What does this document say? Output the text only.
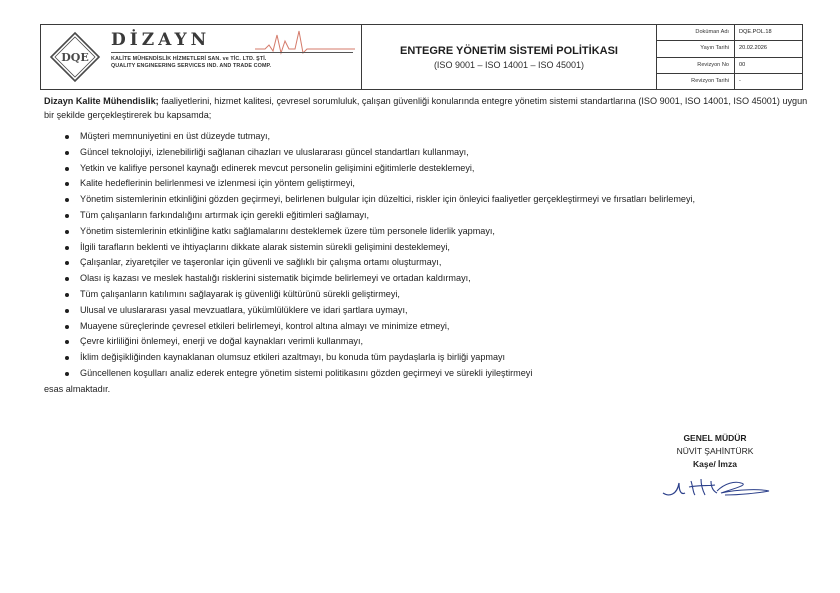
DQE
DİZAYN
KALİTE MÜHENDİSLİK HİZMETLERİ SAN. ve TİC. LTD. ŞTİ.
QUALITY ENGINEERING SERVICES IND. AND TRADE COMP.
ENTEGRE YÖNETİM SİSTEMİ POLİTİKASI
(ISO 9001 – ISO 14001 – ISO 45001)
Doküman Adı	DQE.POL.18
Yayın Tarihi	20.02.2026
Revizyon No	00
Revizyon Tarihi	-

Dizayn Kalite Mühendislik; faaliyetlerini, hizmet kalitesi, çevresel sorumluluk, çalışan güvenliği konularında entegre yönetim sistemi standartlarına (ISO 9001, ISO 14001, ISO 45001) uygun bir şekilde gerçekleştirerek bu kapsamda;

Müşteri memnuniyetini en üst düzeyde tutmayı,
Güncel teknolojiyi, izlenebilirliği sağlanan cihazları ve uluslararası güncel standartları kullanmayı,
Yetkin ve kalifiye personel kaynağı edinerek mevcut personelin gelişimini eğitimlerle desteklemeyi,
Kalite hedeflerinin belirlenmesi ve izlenmesi için yöntem geliştirmeyi,
Yönetim sistemlerinin etkinliğini gözden geçirmeyi, belirlenen bulgular için düzeltici, riskler için önleyici faaliyetler gerçekleştirmeyi ve fırsatları belirlemeyi,
Tüm çalışanların farkındalığını artırmak için gerekli eğitimleri sağlamayı,
Yönetim sistemlerinin etkinliğine katkı sağlamalarını desteklemek üzere tüm personele liderlik yapmayı,
İlgili tarafların beklenti ve ihtiyaçlarını dikkate alarak sistemin sürekli gelişimini desteklemeyi,
Çalışanlar, ziyaretçiler ve taşeronlar için güvenli ve sağlıklı bir çalışma ortamı oluşturmayı,
Olası iş kazası ve meslek hastalığı risklerini sistematik biçimde belirlemeyi ve ortadan kaldırmayı,
Tüm çalışanların katılımını sağlayarak iş güvenliği kültürünü sürekli geliştirmeyi,
Ulusal ve uluslararası yasal mevzuatlara, yükümlülüklere ve idari şartlara uymayı,
Muayene süreçlerinde çevresel etkileri belirlemeyi, kontrol altına almayı ve minimize etmeyi,
Çevre kirliliğini önlemeyi, enerji ve doğal kaynakları verimli kullanmayı,
İklim değişikliğinden kaynaklanan olumsuz etkileri azaltmayı, bu konuda tüm paydaşlarla iş birliği yapmayı
Güncellenen koşulları analiz ederek entegre yönetim sistemi politikasını gözden geçirmeyi ve sürekli iyileştirmeyi

esas almaktadır.

GENEL MÜDÜR
NÜVİT ŞAHİNTÜRK
Kaşe/ İmza
